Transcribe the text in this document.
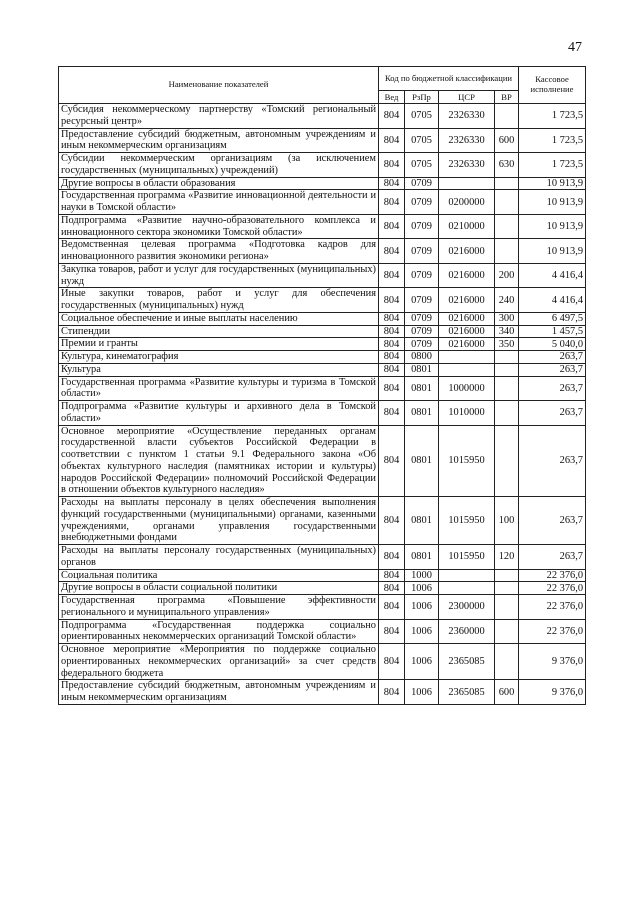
47
Наименование показателей	Код по бюджетной классификации				Кассовое исполнение
	Вед	РзПр	ЦСР	ВР	
Субсидия некоммерческому партнерству «Томский региональный ресурсный центр»	804	0705	2326330		1 723,5
Предоставление субсидий бюджетным, автономным учреждениям и иным некоммерческим организациям	804	0705	2326330	600	1 723,5
Субсидии некоммерческим организациям (за исключением государственных (муниципальных) учреждений)	804	0705	2326330	630	1 723,5
Другие вопросы в области образования	804	0709			10 913,9
Государственная программа «Развитие инновационной деятельности и науки в Томской области»	804	0709	0200000		10 913,9
Подпрограмма «Развитие научно-образовательного комплекса и инновационного сектора экономики Томской области»	804	0709	0210000		10 913,9
Ведомственная целевая программа «Подготовка кадров для инновационного развития экономики региона»	804	0709	0216000		10 913,9
Закупка товаров, работ и услуг для государственных (муниципальных) нужд	804	0709	0216000	200	4 416,4
Иные закупки товаров, работ и услуг для обеспечения государственных (муниципальных) нужд	804	0709	0216000	240	4 416,4
Социальное обеспечение и иные выплаты населению	804	0709	0216000	300	6 497,5
Стипендии	804	0709	0216000	340	1 457,5
Премии и гранты	804	0709	0216000	350	5 040,0
Культура, кинематография	804	0800			263,7
Культура	804	0801			263,7
Государственная программа «Развитие культуры и туризма в Томской области»	804	0801	1000000		263,7
Подпрограмма «Развитие культуры и архивного дела в Томской области»	804	0801	1010000		263,7
Основное мероприятие «Осуществление переданных органам государственной власти субъектов Российской Федерации в соответствии с пунктом 1 статьи 9.1 Федерального закона «Об объектах культурного наследия (памятниках истории и культуры) народов Российской Федерации» полномочий Российской Федерации в отношении объектов культурного наследия»	804	0801	1015950		263,7
Расходы на выплаты персоналу в целях обеспечения выполнения функций государственными (муниципальными) органами, казенными учреждениями, органами управления государственными внебюджетными фондами	804	0801	1015950	100	263,7
Расходы на выплаты персоналу государственных (муниципальных) органов	804	0801	1015950	120	263,7
Социальная политика	804	1000			22 376,0
Другие вопросы в области социальной политики	804	1006			22 376,0
Государственная программа «Повышение эффективности регионального и муниципального управления»	804	1006	2300000		22 376,0
Подпрограмма «Государственная поддержка социально ориентированных некоммерческих организаций Томской области»	804	1006	2360000		22 376,0
Основное мероприятие «Мероприятия по поддержке социально ориентированных некоммерческих организаций» за счет средств федерального бюджета	804	1006	2365085		9 376,0
Предоставление субсидий бюджетным, автономным учреждениям и иным некоммерческим организациям	804	1006	2365085	600	9 376,0
